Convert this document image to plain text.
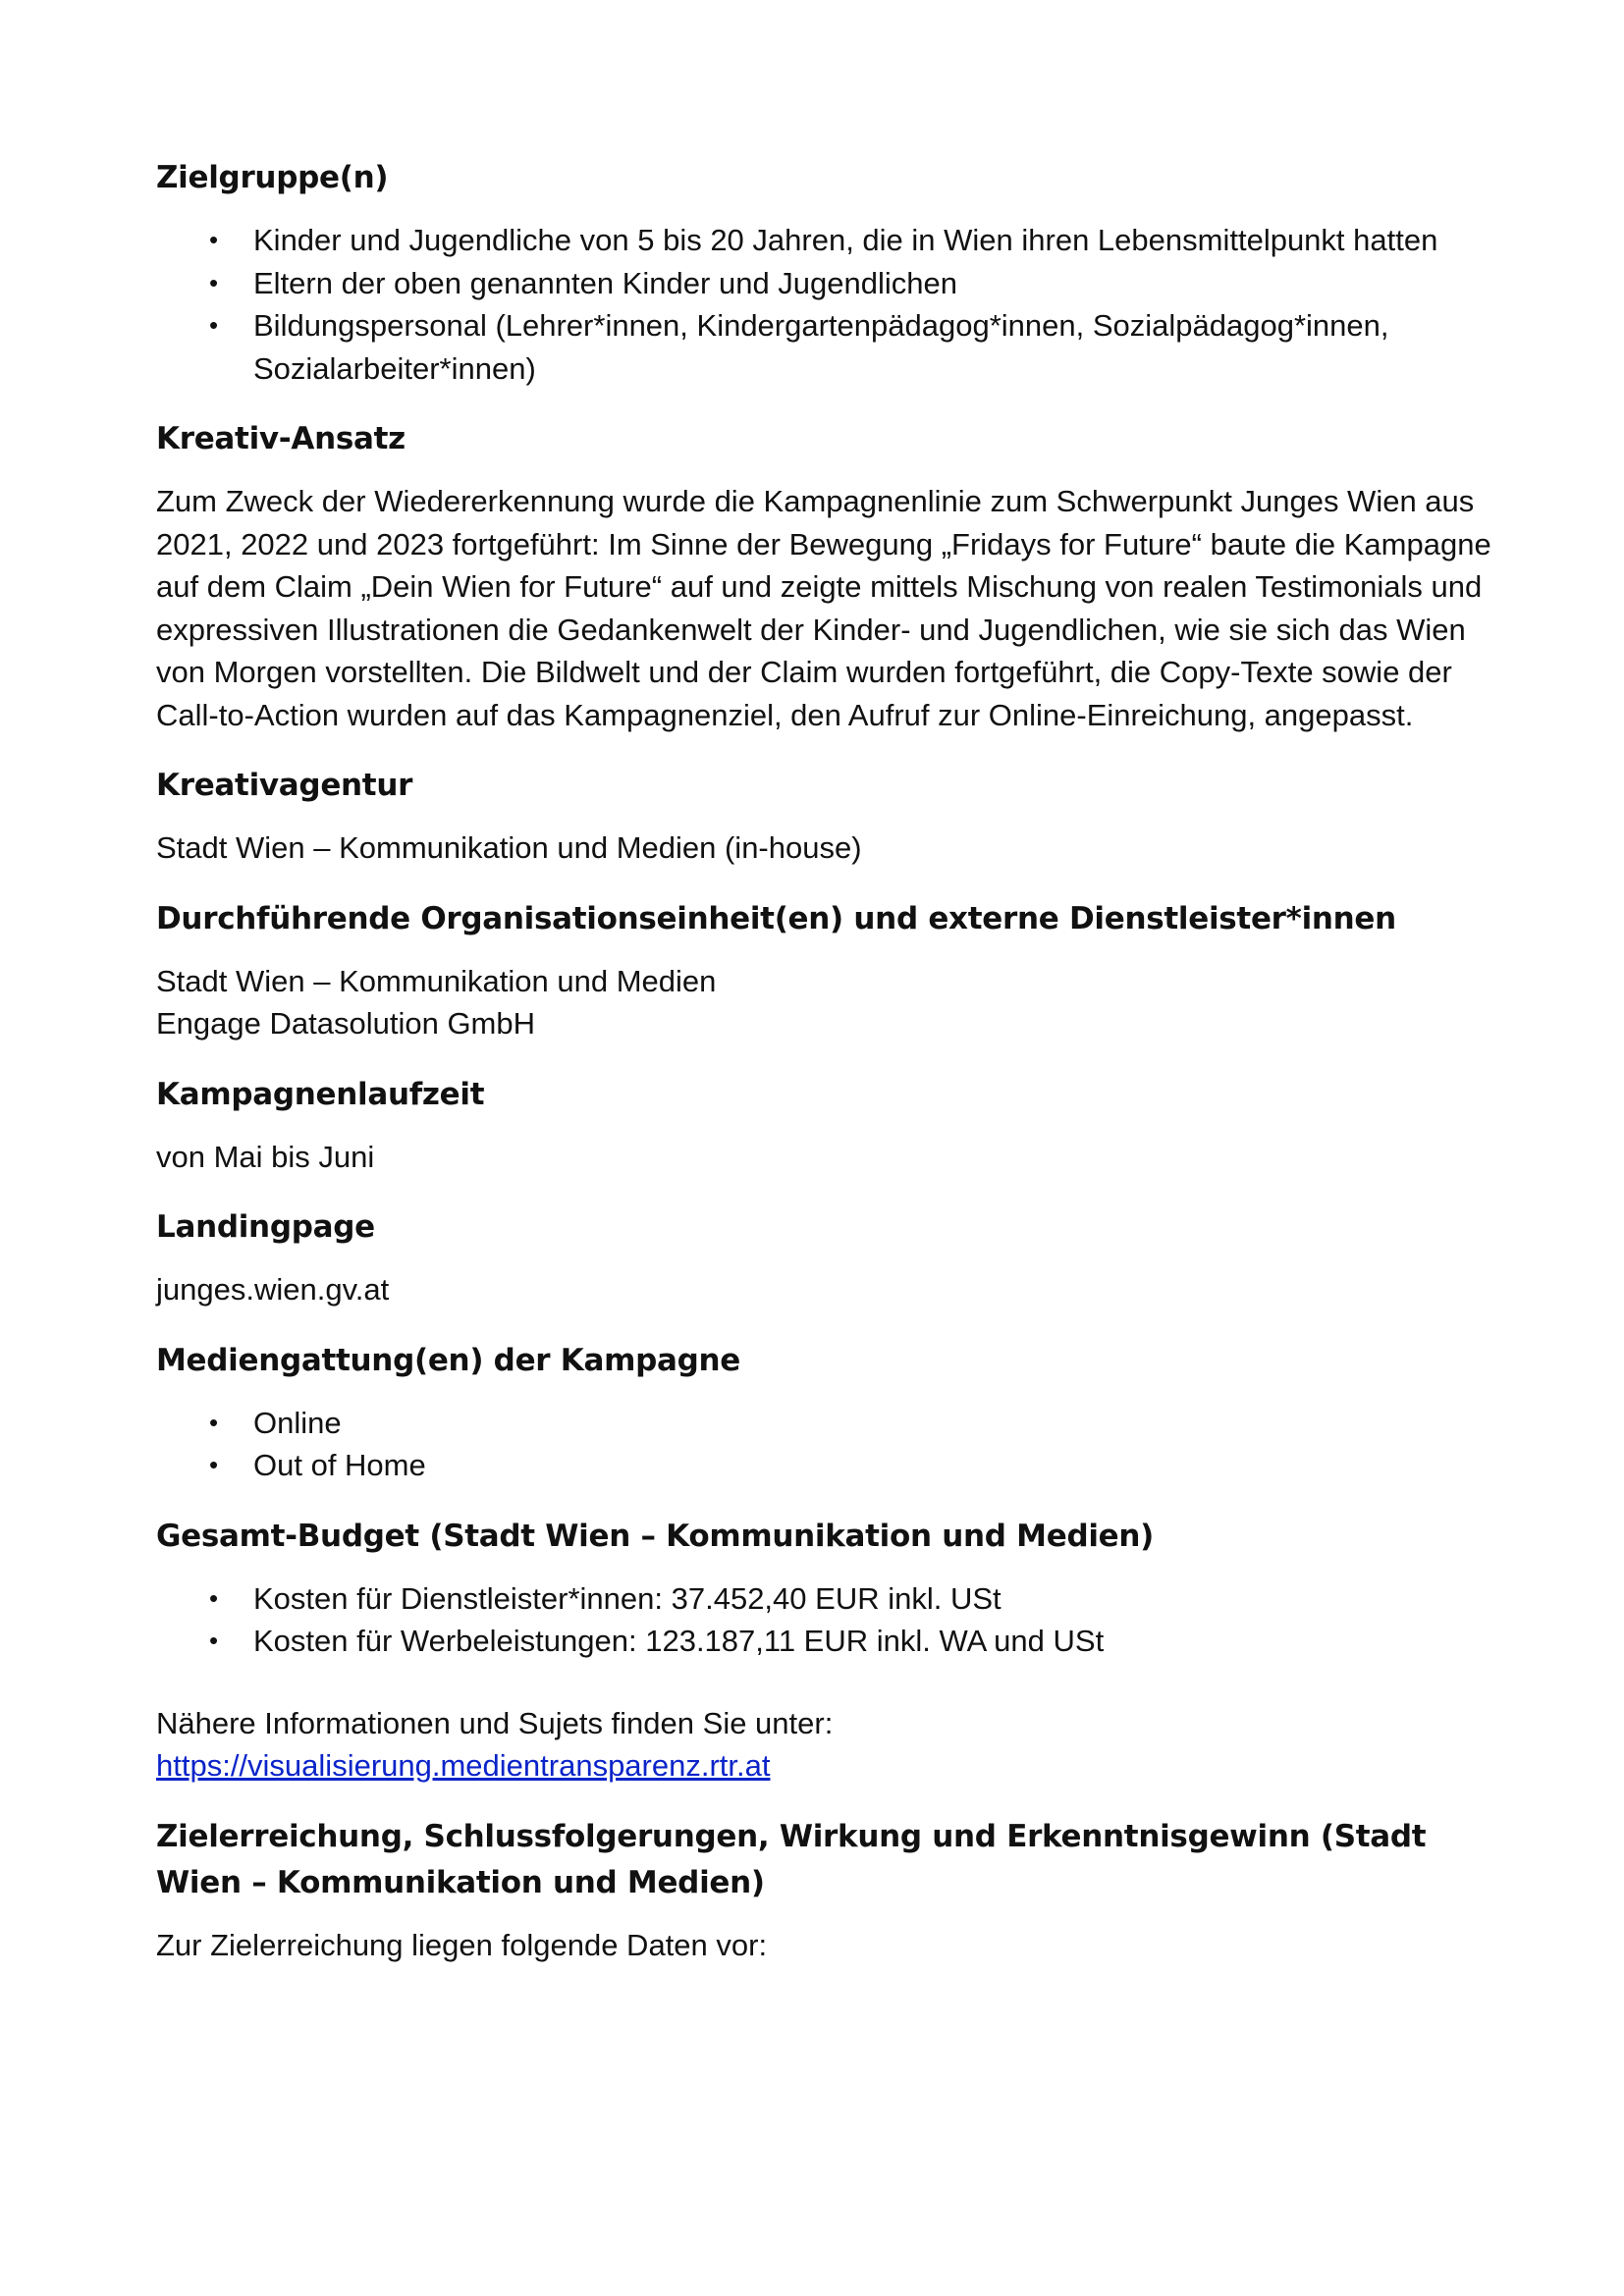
Zielgruppe(n)
• Kinder und Jugendliche von 5 bis 20 Jahren, die in Wien ihren Lebensmittelpunkt hatten
• Eltern der oben genannten Kinder und Jugendlichen
• Bildungspersonal (Lehrer*innen, Kindergartenpädagog*innen, Sozialpädagog*innen, Sozialarbeiter*innen)
Kreativ-Ansatz

Zum Zweck der Wiedererkennung wurde die Kampagnenlinie zum Schwerpunkt Junges Wien aus 2021, 2022 und 2023 fortgeführt: Im Sinne der Bewegung „Fridays for Future“ baute die Kampagne auf dem Claim „Dein Wien for Future“ auf und zeigte mittels Mischung von realen Testimonials und expressiven Illustrationen die Gedankenwelt der Kinder- und Jugendlichen, wie sie sich das Wien von Morgen vorstellten. Die Bildwelt und der Claim wurden fortgeführt, die Copy-Texte sowie der Call-to-Action wurden auf das Kampagnenziel, den Aufruf zur Online-Einreichung, angepasst.

Kreativagentur

Stadt Wien – Kommunikation und Medien (in-house)

Durchführende Organisationseinheit(en) und externe Dienstleister*innen

Stadt Wien – Kommunikation und Medien

Engage Datasolution GmbH

Kampagnenlaufzeit

von Mai bis Juni

Landingpage

junges.wien.gv.at

Mediengattung(en) der Kampagne
• Online
• Out of Home
Gesamt-Budget (Stadt Wien – Kommunikation und Medien)
• Kosten für Dienstleister*innen: 37.452,40 EUR inkl. USt
• Kosten für Werbeleistungen: 123.187,11 EUR inkl. WA und USt

Nähere Informationen und Sujets finden Sie unter:

https://visualisierung.medientransparenz.rtr.at

Zielerreichung, Schlussfolgerungen, Wirkung und Erkenntnisgewinn (Stadt Wien – Kommunikation und Medien)

Zur Zielerreichung liegen folgende Daten vor:
